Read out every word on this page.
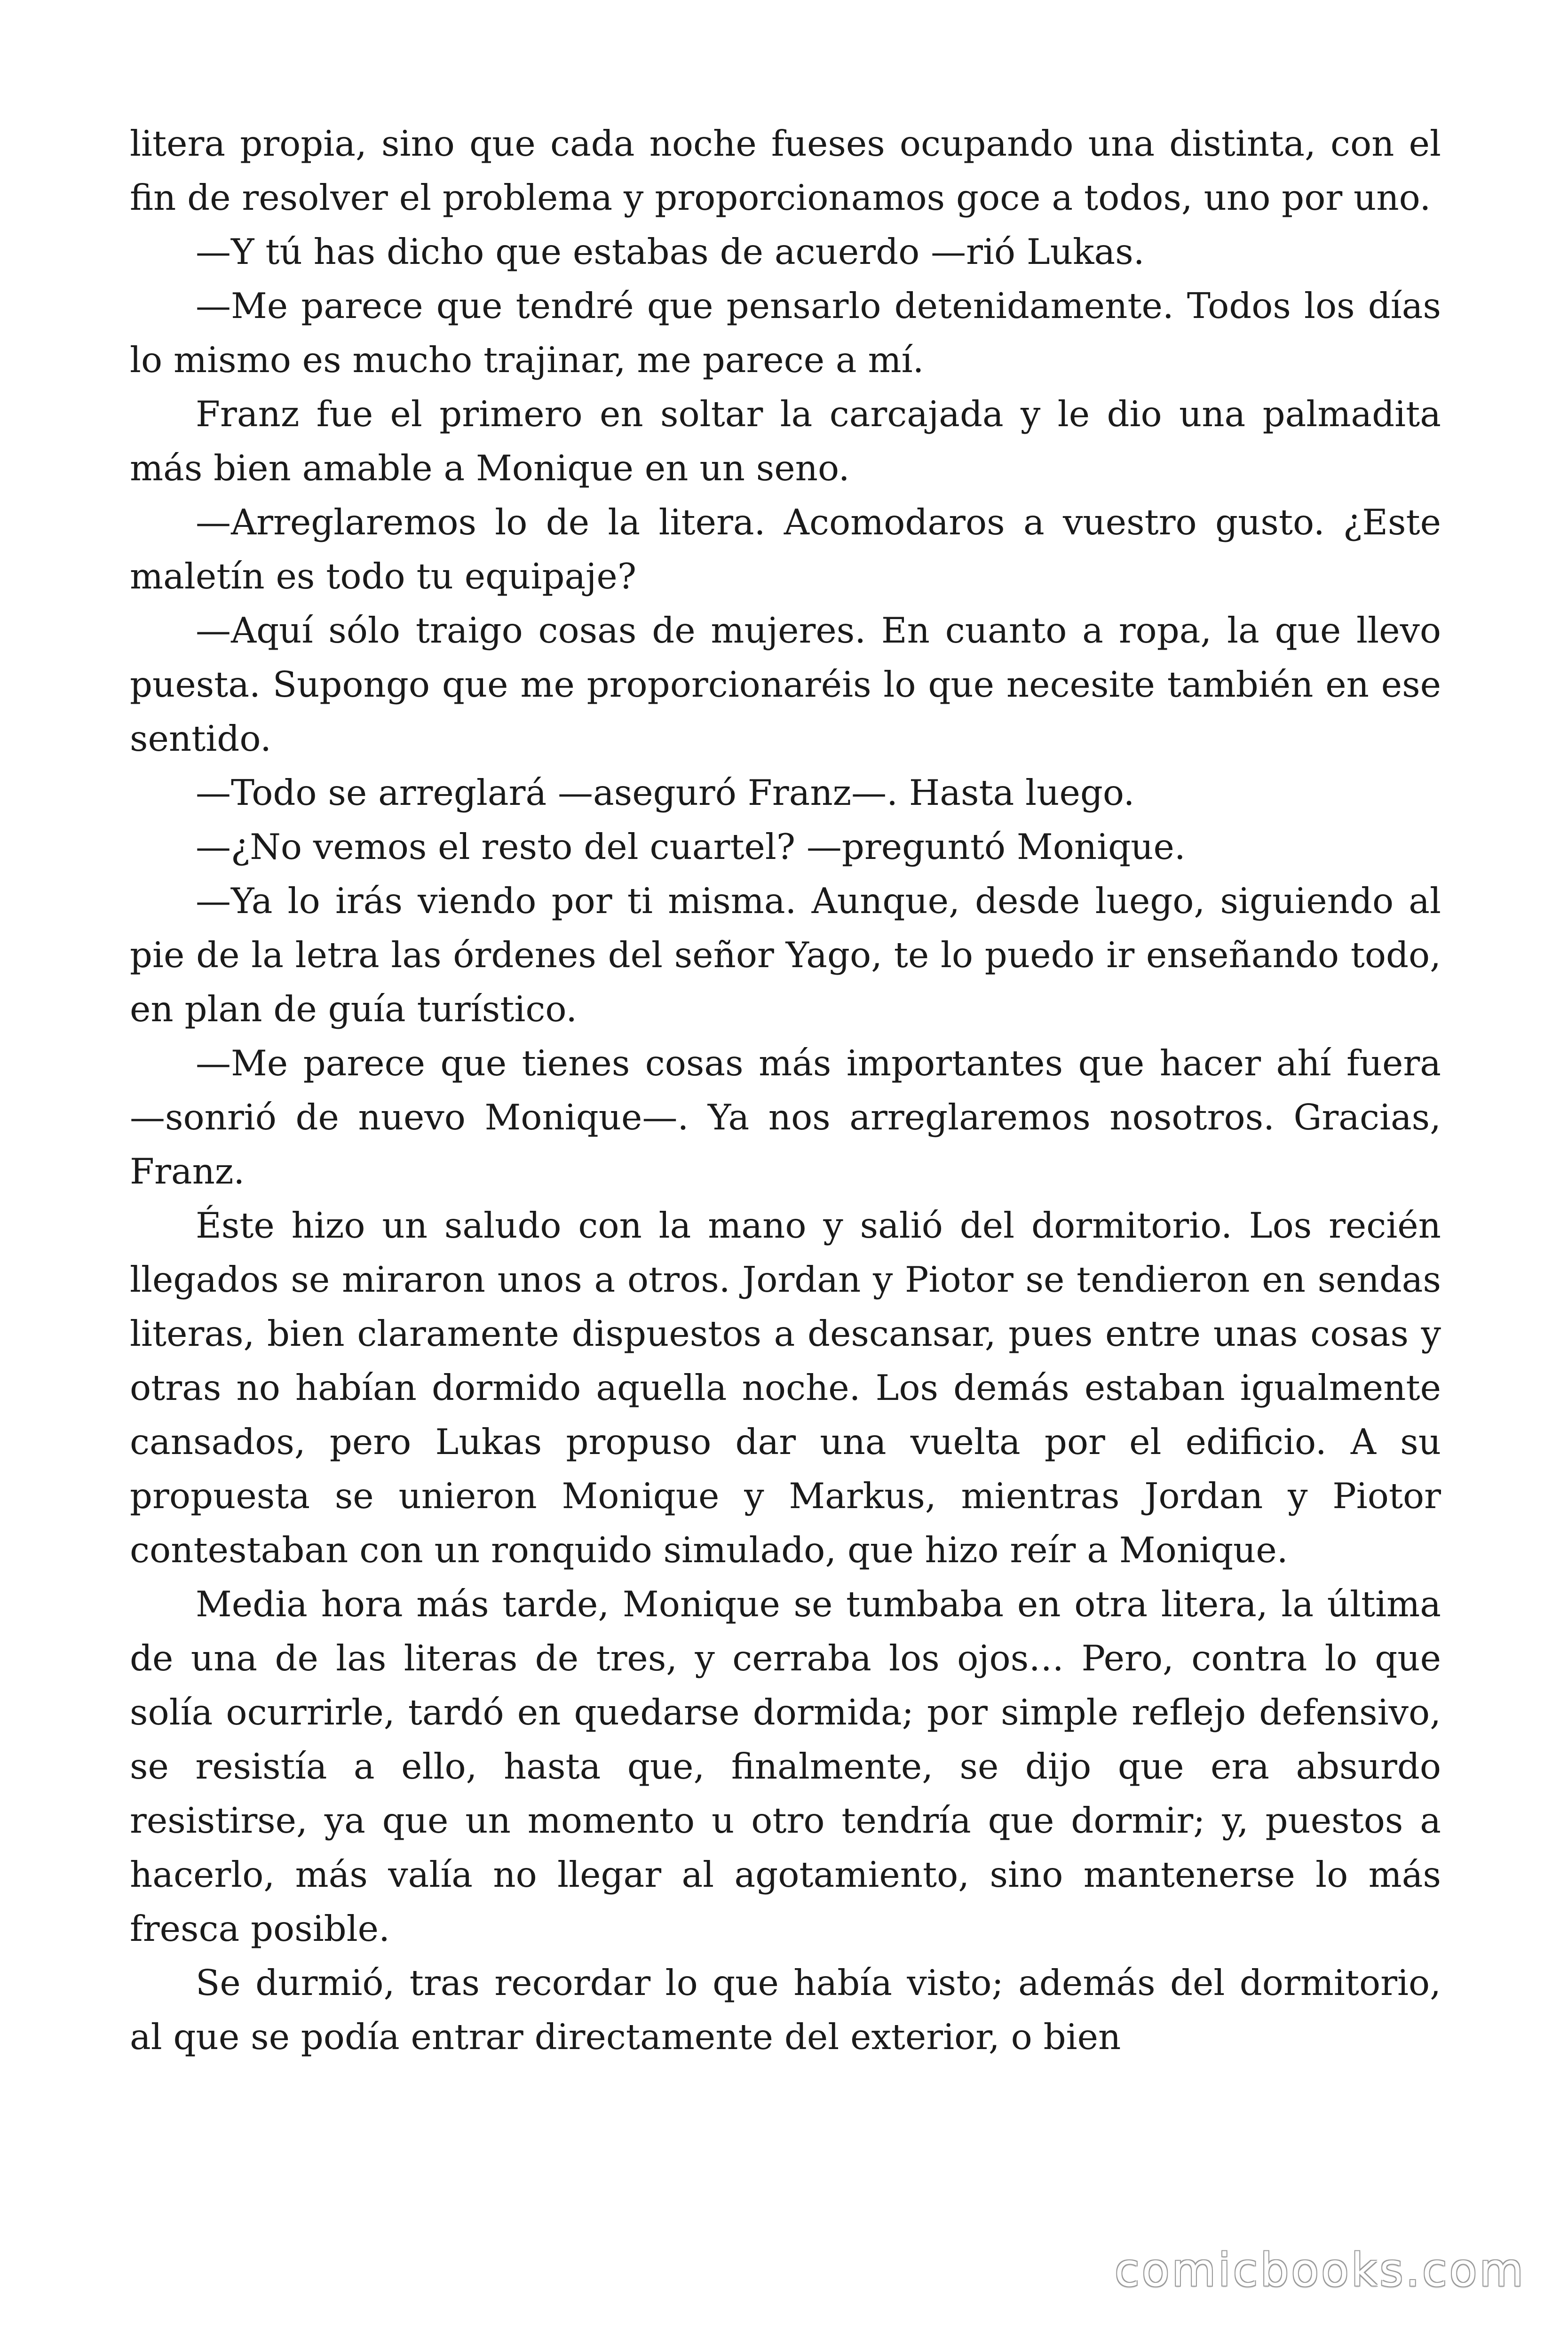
litera propia, sino que cada noche fueses ocupando una distinta, con el fin de resolver el problema y proporcionamos goce a todos, uno por uno.

—Y tú has dicho que estabas de acuerdo —rió Lukas.

—Me parece que tendré que pensarlo detenidamente. Todos los días lo mismo es mucho trajinar, me parece a mí.

Franz fue el primero en soltar la carcajada y le dio una palmadita más bien amable a Monique en un seno.

—Arreglaremos lo de la litera. Acomodaros a vuestro gusto. ¿Este maletín es todo tu equipaje?

—Aquí sólo traigo cosas de mujeres. En cuanto a ropa, la que llevo puesta. Supongo que me proporcionaréis lo que necesite también en ese sentido.

—Todo se arreglará —aseguró Franz—. Hasta luego.

—¿No vemos el resto del cuartel? —preguntó Monique.

—Ya lo irás viendo por ti misma. Aunque, desde luego, siguiendo al pie de la letra las órdenes del señor Yago, te lo puedo ir enseñando todo, en plan de guía turístico.

—Me parece que tienes cosas más importantes que hacer ahí fuera —sonrió de nuevo Monique—. Ya nos arreglaremos nosotros. Gracias, Franz.

Éste hizo un saludo con la mano y salió del dormitorio. Los recién llegados se miraron unos a otros. Jordan y Piotor se tendieron en sendas literas, bien claramente dispuestos a descansar, pues entre unas cosas y otras no habían dormido aquella noche. Los demás estaban igualmente cansados, pero Lukas propuso dar una vuelta por el edificio. A su propuesta se unieron Monique y Markus, mientras Jordan y Piotor contestaban con un ronquido simulado, que hizo reír a Monique.

Media hora más tarde, Monique se tumbaba en otra litera, la última de una de las literas de tres, y cerraba los ojos… Pero, contra lo que solía ocurrirle, tardó en quedarse dormida; por simple reflejo defensivo, se resistía a ello, hasta que, finalmente, se dijo que era absurdo resistirse, ya que un momento u otro tendría que dormir; y, puestos a hacerlo, más valía no llegar al agotamiento, sino mantenerse lo más fresca posible.

Se durmió, tras recordar lo que había visto; además del dormitorio, al que se podía entrar directamente del exterior, o bien

comicbooks.com
